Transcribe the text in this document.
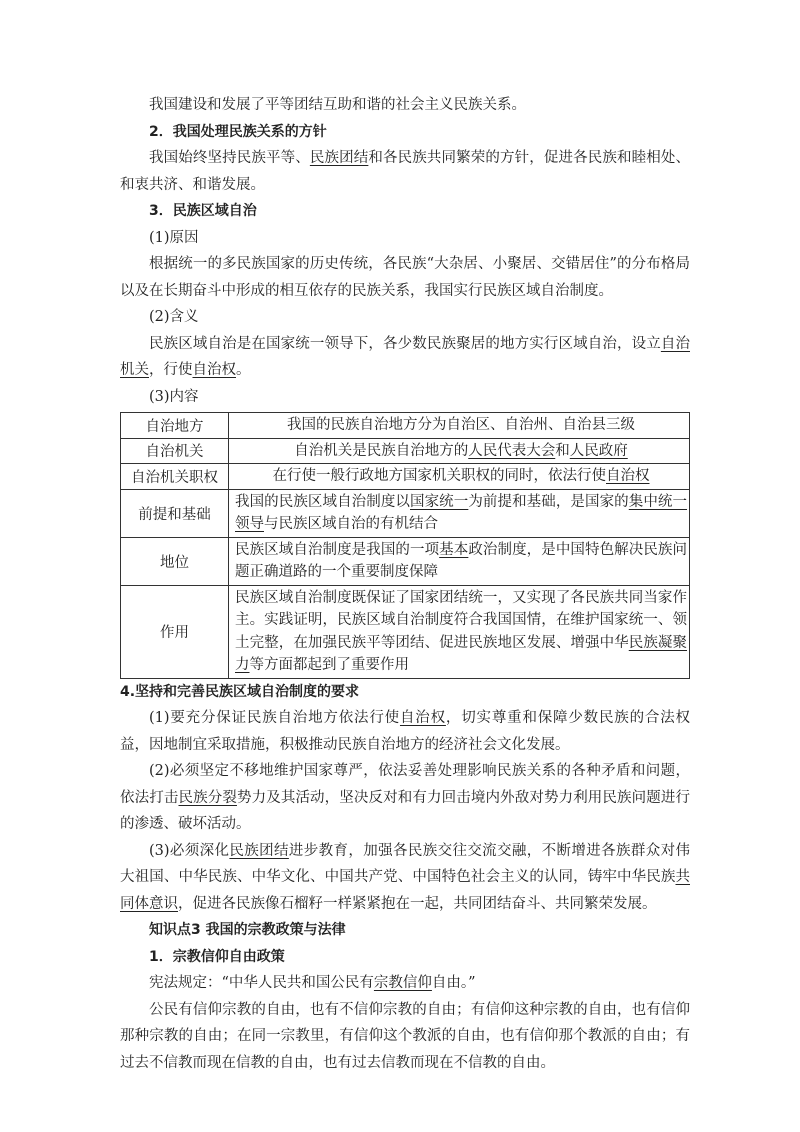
我国建设和发展了平等团结互助和谐的社会主义民族关系。
2．我国处理民族关系的方针

我国始终坚持民族平等、民族团结和各民族共同繁荣的方针，促进各民族和睦相处、和衷共济、和谐发展。

3．民族区域自治
(1)原因

根据统一的多民族国家的历史传统，各民族“大杂居、小聚居、交错居住”的分布格局以及在长期奋斗中形成的相互依存的民族关系，我国实行民族区域自治制度。

(2)含义

民族区域自治是在国家统一领导下，各少数民族聚居的地方实行区域自治，设立自治机关，行使自治权。

(3)内容
自治地方	我国的民族自治地方分为自治区、自治州、自治县三级
自治机关	自治机关是民族自治地方的人民代表大会和人民政府
自治机关职权	在行使一般行政地方国家机关职权的同时，依法行使自治权
前提和基础	我国的民族区域自治制度以国家统一为前提和基础，是国家的集中统一领导与民族区域自治的有机结合
地位	民族区域自治制度是我国的一项基本政治制度，是中国特色解决民族问题正确道路的一个重要制度保障
作用	民族区域自治制度既保证了国家团结统一，又实现了各民族共同当家作主。实践证明，民族区域自治制度符合我国国情，在维护国家统一、领土完整，在加强民族平等团结、促进民族地区发展、增强中华民族凝聚力等方面都起到了重要作用
4.坚持和完善民族区域自治制度的要求

(1)要充分保证民族自治地方依法行使自治权，切实尊重和保障少数民族的合法权益，因地制宜采取措施，积极推动民族自治地方的经济社会文化发展。

(2)必须坚定不移地维护国家尊严，依法妥善处理影响民族关系的各种矛盾和问题，依法打击民族分裂势力及其活动，坚决反对和有力回击境内外敌对势力利用民族问题进行的渗透、破坏活动。

(3)必须深化民族团结进步教育，加强各民族交往交流交融，不断增进各族群众对伟大祖国、中华民族、中华文化、中国共产党、中国特色社会主义的认同，铸牢中华民族共同体意识，促进各民族像石榴籽一样紧紧抱在一起，共同团结奋斗、共同繁荣发展。

知识点3 我国的宗教政策与法律
1．宗教信仰自由政策

宪法规定：“中华人民共和国公民有宗教信仰自由。”

公民有信仰宗教的自由，也有不信仰宗教的自由；有信仰这种宗教的自由，也有信仰那种宗教的自由；在同一宗教里，有信仰这个教派的自由，也有信仰那个教派的自由；有过去不信教而现在信教的自由，也有过去信教而现在不信教的自由。
